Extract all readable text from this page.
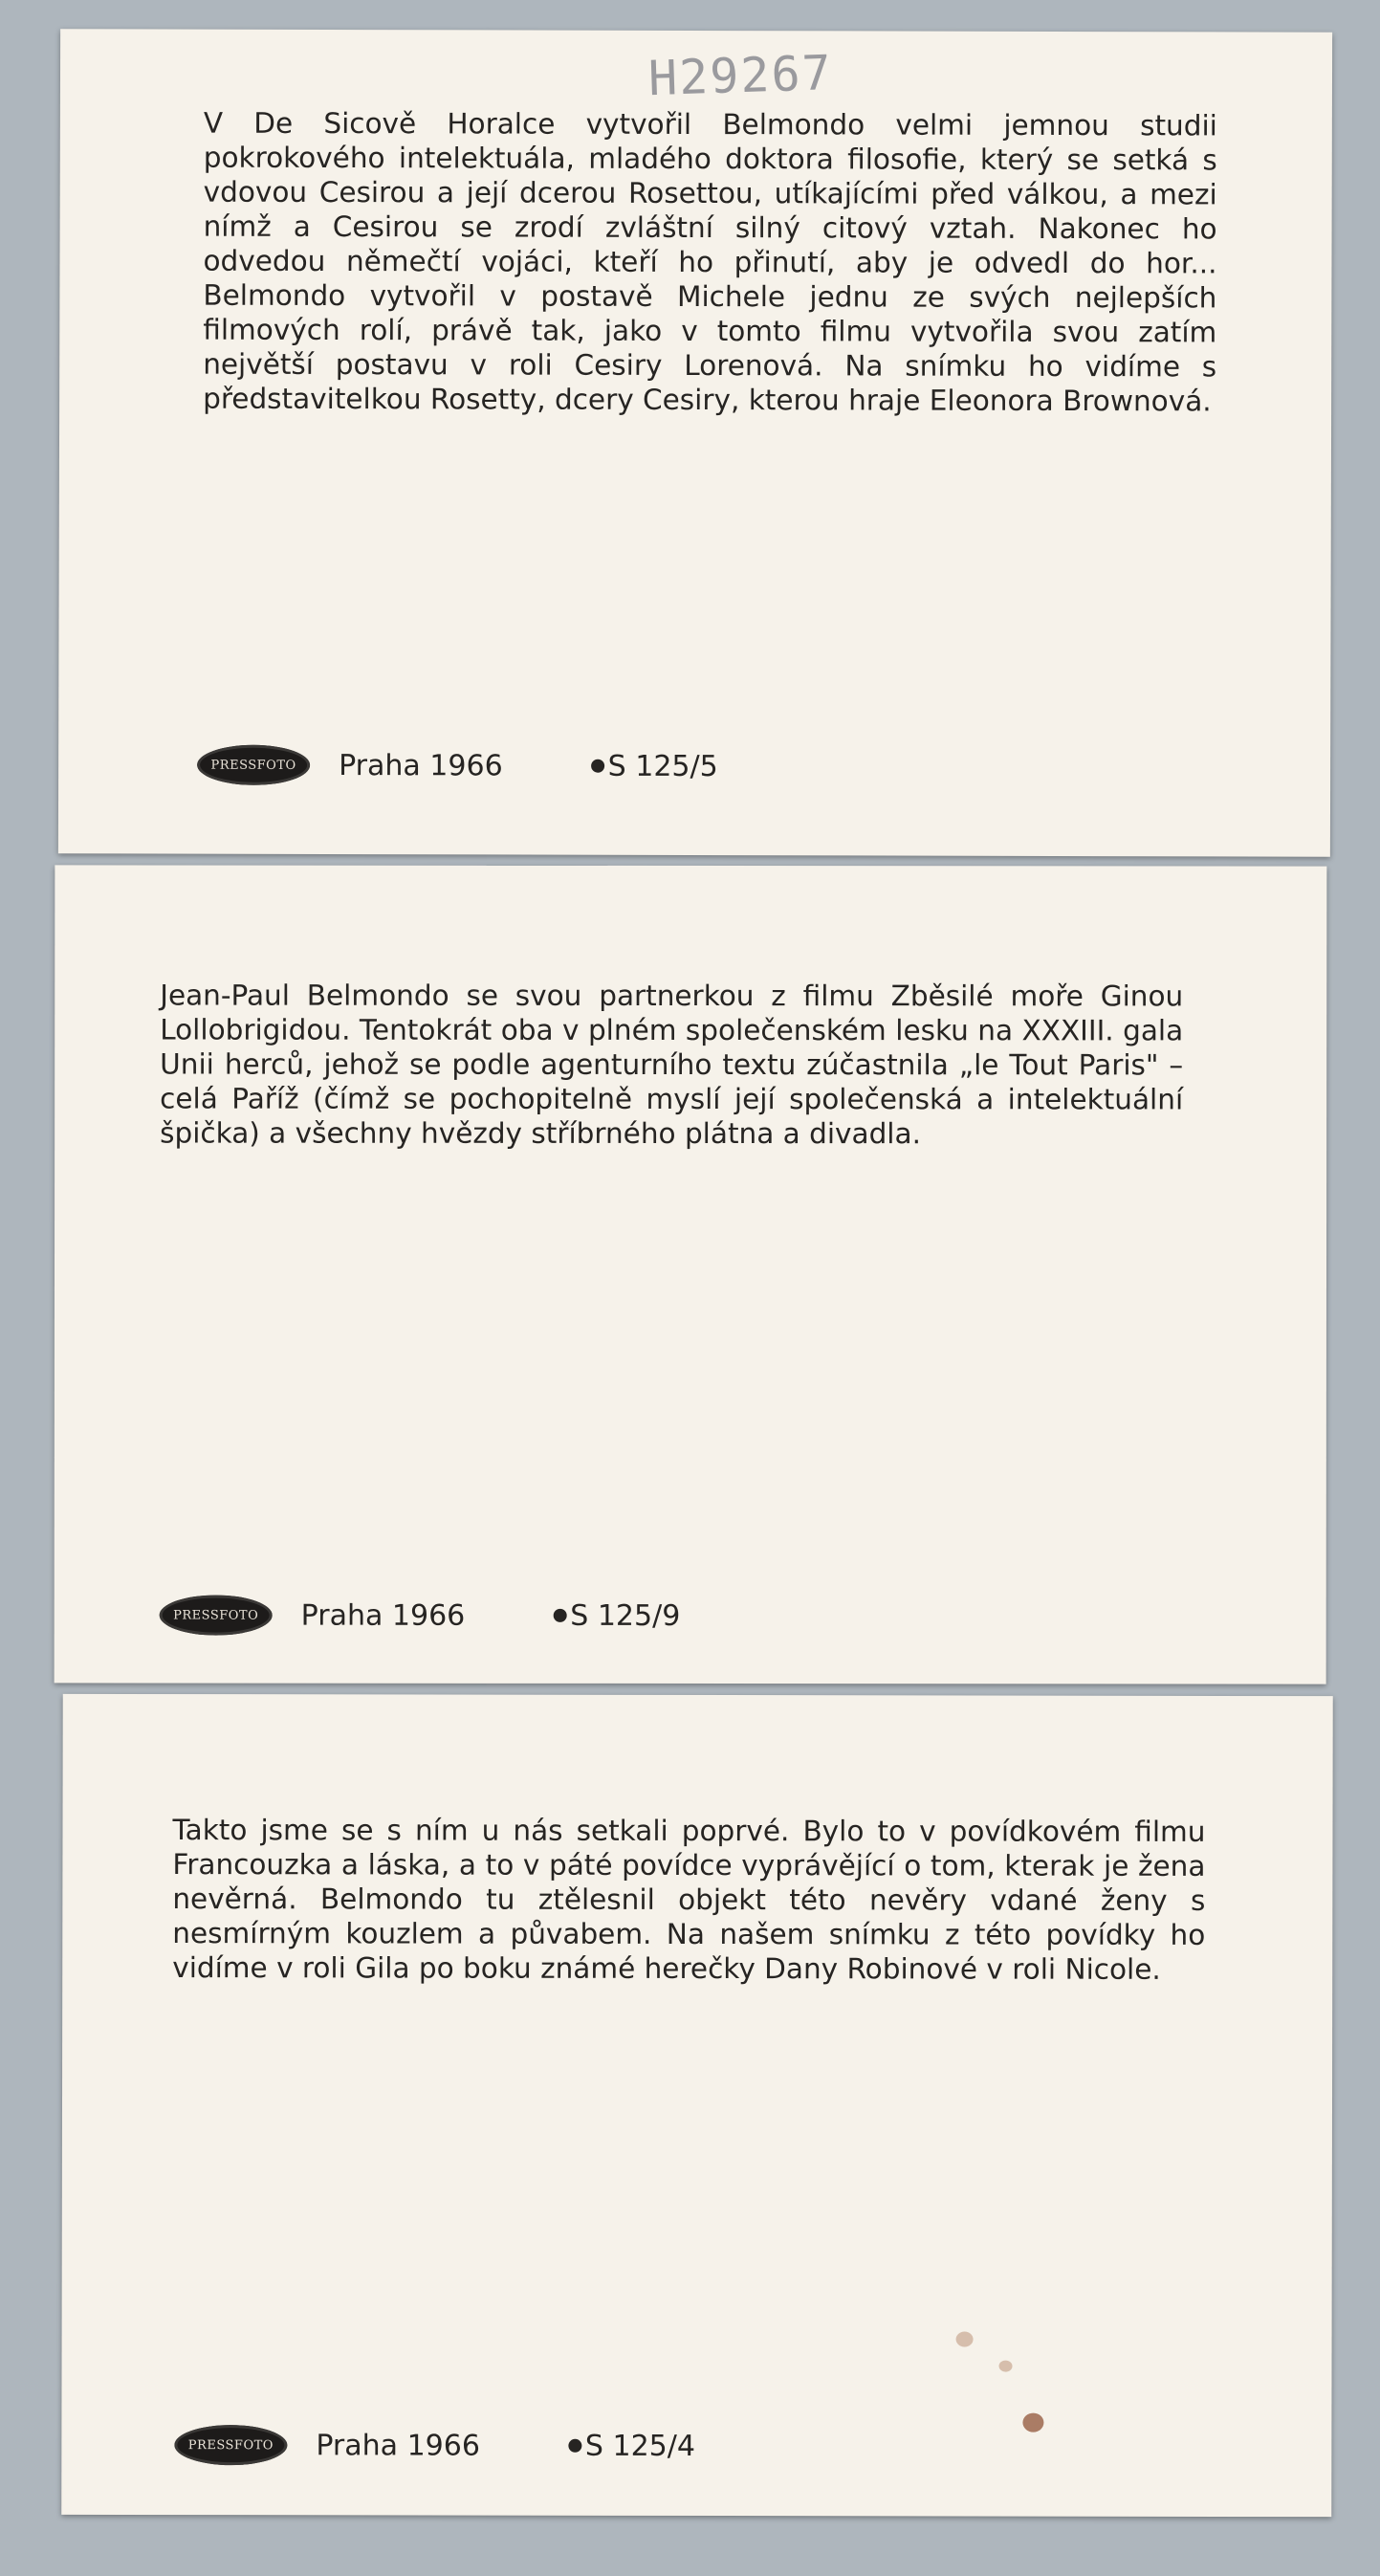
H29267

V De Sicově Horalce vytvořil Belmondo velmi jemnou studii pokrokového intelektuála, mladého doktora filosofie, který se setká s vdovou Cesirou a její dcerou Rosettou, utíkajícími před válkou, a mezi nímž a Cesirou se zrodí zvláštní silný citový vztah. Nakonec ho odvedou němečtí vojáci, kteří ho přinutí, aby je odvedl do hor... Belmondo vytvořil v postavě Michele jednu ze svých nejlepších filmových rolí, právě tak, jako v tomto filmu vytvořila svou zatím největší postavu v roli Cesiry Lorenová. Na snímku ho vidíme s představitelkou Rosetty, dcery Cesiry, kterou hraje Eleonora Brownová.

PRESSFOTO	Praha 1966	S 125/5

Jean-Paul Belmondo se svou partnerkou z filmu Zběsilé moře Ginou Lollobrigidou. Tentokrát oba v plném společenském lesku na XXXIII. gala Unii herců, jehož se podle agenturního textu zúčastnila „le Tout Paris" – celá Paříž (čímž se pochopitelně myslí její společenská a intelektuální špička) a všechny hvězdy stříbrného plátna a divadla.

PRESSFOTO	Praha 1966	S 125/9

Takto jsme se s ním u nás setkali poprvé. Bylo to v povídkovém filmu Francouzka a láska, a to v páté povídce vyprávějící o tom, kterak je žena nevěrná. Belmondo tu ztělesnil objekt této nevěry vdané ženy s nesmírným kouzlem a půvabem. Na našem snímku z této povídky ho vidíme v roli Gila po boku známé herečky Dany Robinové v roli Nicole.

PRESSFOTO	Praha 1966	S 125/4
